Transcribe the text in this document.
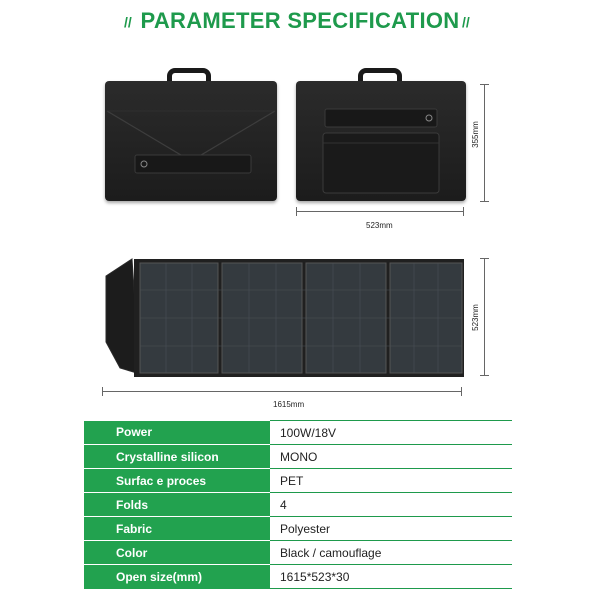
// PARAMETER SPECIFICATION //
355mm
523mm
523mm
1615mm
Power	100W/18V
Crystalline silicon	MONO
Surfac e proces	PET
Folds	4
Fabric	Polyester
Color	Black / camouflage
Open size(mm)	1615*523*30
